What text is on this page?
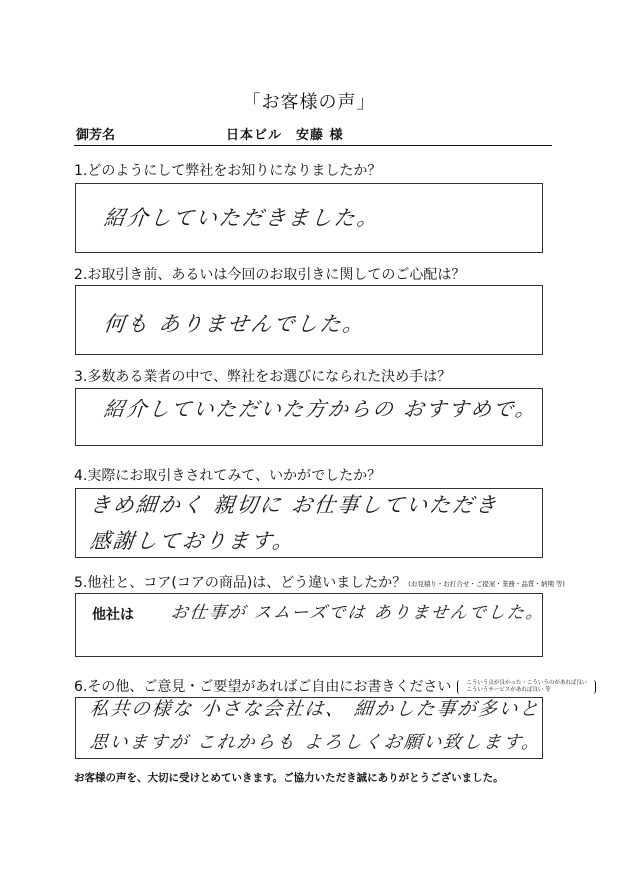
「お客様の声」
御芳名	日本ビル　安藤 様
1.どのようにして弊社をお知りになりましたか？
紹介していただきました。
2.お取引き前、あるいは今回のお取引きに関してのご心配は？
何も ありませんでした。
3.多数ある業者の中で、弊社をお選びになられた決め手は？
紹介していただいた方からの おすすめで。
4.実際にお取引きされてみて、いかがでしたか？
きめ細かく 親切に お仕事していただき
感謝しております。
5.他社と、コア(コアの商品)は、どう違いましたか？ (お見積り・お打合せ・ご提案・業務・品質・納期 等)
他社は お仕事が スムーズでは ありませんでした。
6.その他、ご意見・ご要望があればご自由にお書きください	こういう点が良かった・こういうのがあれば良い
こういうサービスがあれば良い 等
私共の様な 小さな会社は、 細かした事が多いと
思いますが これからも よろしくお願い致します。
お客様の声を、大切に受けとめていきます。ご協力いただき誠にありがとうございました。
